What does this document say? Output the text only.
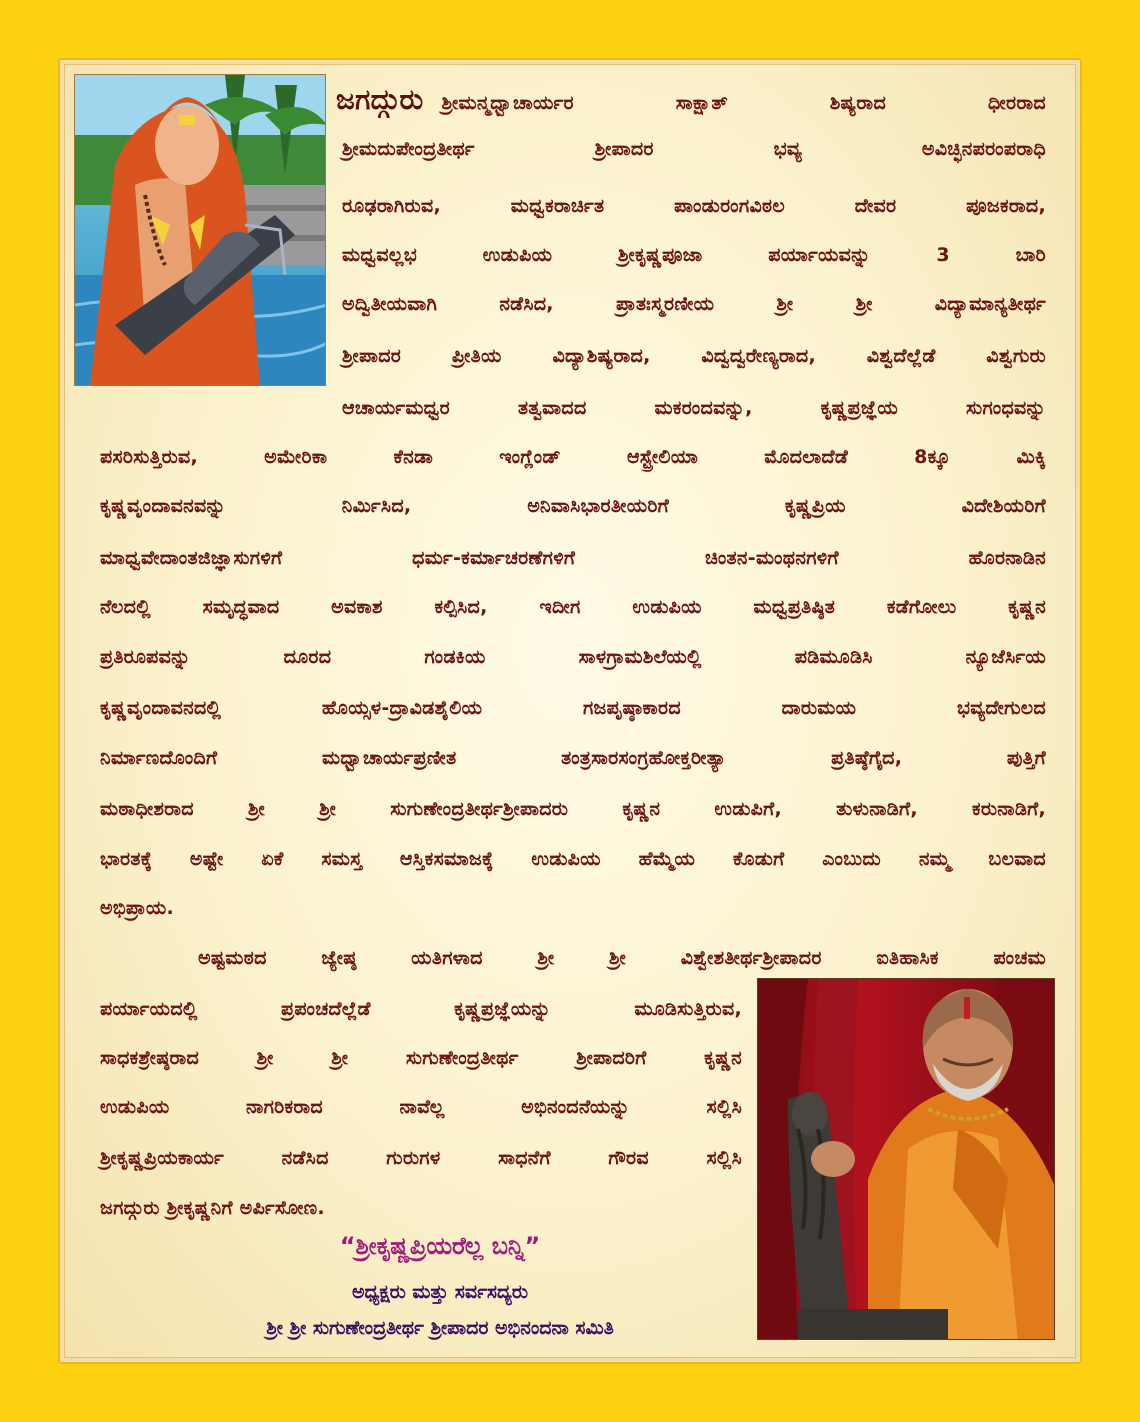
ಜಗದ್ಗುರು ಶ್ರೀಮನ್ಮಧ್ವಾಚಾರ್ಯರ ಸಾಕ್ಷಾತ್ ಶಿಷ್ಯರಾದ ಧೀರರಾದ
ಶ್ರೀಮದುಪೇಂದ್ರತೀರ್ಥ ಶ್ರೀಪಾದರ ಭವ್ಯ ಅವಿಚ್ಛಿನಪರಂಪರಾಧಿ
ರೂಢರಾಗಿರುವ, ಮಧ್ವಕರಾರ್ಚಿತ ಪಾಂಡುರಂಗವಿಠಲ ದೇವರ ಪೂಜಕರಾದ,
ಮಧ್ವವಲ್ಲಭ ಉಡುಪಿಯ ಶ್ರೀಕೃಷ್ಣಪೂಜಾ ಪರ್ಯಾಯವನ್ನು 3 ಬಾರಿ
ಅದ್ವಿತೀಯವಾಗಿ ನಡೆಸಿದ, ಪ್ರಾತಃಸ್ಮರಣೀಯ ಶ್ರೀ ಶ್ರೀ ವಿದ್ಯಾಮಾನ್ಯತೀರ್ಥ
ಶ್ರೀಪಾದರ ಪ್ರೀತಿಯ ವಿದ್ಯಾಶಿಷ್ಯರಾದ, ವಿದ್ವದ್ವರೇಣ್ಯರಾದ, ವಿಶ್ವದೆಲ್ಲೆಡೆ ವಿಶ್ವಗುರು
ಆಚಾರ್ಯಮಧ್ವರ ತತ್ವವಾದದ ಮಕರಂದವನ್ನು, ಕೃಷ್ಣಪ್ರಜ್ಞೆಯ ಸುಗಂಧವನ್ನು
ಪಸರಿಸುತ್ತಿರುವ, ಅಮೇರಿಕಾ ಕೆನಡಾ ಇಂಗ್ಲೆಂಡ್ ಆಸ್ಟ್ರೇಲಿಯಾ ಮೊದಲಾದೆಡೆ 8ಕ್ಕೂ ಮಿಕ್ಕಿ
ಕೃಷ್ಣವೃಂದಾವನವನ್ನು ನಿರ್ಮಿಸಿದ, ಅನಿವಾಸಿಭಾರತೀಯರಿಗೆ ಕೃಷ್ಣಪ್ರಿಯ ವಿದೇಶಿಯರಿಗೆ
ಮಾಧ್ವವೇದಾಂತಜಿಜ್ಞಾಸುಗಳಿಗೆ ಧರ್ಮ-ಕರ್ಮಾಚರಣೆಗಳಿಗೆ ಚಿಂತನ-ಮಂಥನಗಳಿಗೆ ಹೊರನಾಡಿನ
ನೆಲದಲ್ಲಿ ಸಮೃದ್ಧವಾದ ಅವಕಾಶ ಕಲ್ಪಿಸಿದ, ಇದೀಗ ಉಡುಪಿಯ ಮಧ್ವಪ್ರತಿಷ್ಠಿತ ಕಡೆಗೋಲು ಕೃಷ್ಣನ
ಪ್ರತಿರೂಪವನ್ನು ದೂರದ ಗಂಡಕಿಯ ಸಾಳಗ್ರಾಮಶಿಲೆಯಲ್ಲಿ ಪಡಿಮೂಡಿಸಿ ನ್ಯೂಜೆರ್ಸಿಯ
ಕೃಷ್ಣವೃಂದಾವನದಲ್ಲಿ ಹೊಯ್ಸಳ-ದ್ರಾವಿಡಶೈಲಿಯ ಗಜಪೃಷ್ಠಾಕಾರದ ದಾರುಮಯ ಭವ್ಯದೇಗುಲದ
ನಿರ್ಮಾಣದೊಂದಿಗೆ ಮಧ್ವಾಚಾರ್ಯಪ್ರಣೀತ ತಂತ್ರಸಾರಸಂಗ್ರಹೋಕ್ತರೀತ್ಯಾ ಪ್ರತಿಷ್ಠೆಗೈದ, ಪುತ್ತಿಗೆ
ಮಠಾಧೀಶರಾದ ಶ್ರೀ ಶ್ರೀ ಸುಗುಣೇಂದ್ರತೀರ್ಥಶ್ರೀಪಾದರು ಕೃಷ್ಣನ ಉಡುಪಿಗೆ, ತುಳುನಾಡಿಗೆ, ಕರುನಾಡಿಗೆ,
ಭಾರತಕ್ಕೆ ಅಷ್ಟೇ ಏಕೆ ಸಮಸ್ತ ಆಸ್ತಿಕಸಮಾಜಕ್ಕೆ ಉಡುಪಿಯ ಹೆಮ್ಮೆಯ ಕೊಡುಗೆ ಎಂಬುದು ನಮ್ಮ ಬಲವಾದ
ಅಭಿಪ್ರಾಯ.
ಅಷ್ಟಮಠದ ಜ್ಯೇಷ್ಠ ಯತಿಗಳಾದ ಶ್ರೀ ಶ್ರೀ ವಿಶ್ವೇಶತೀರ್ಥಶ್ರೀಪಾದರ ಐತಿಹಾಸಿಕ ಪಂಚಮ
ಪರ್ಯಾಯದಲ್ಲಿ ಪ್ರಪಂಚದೆಲ್ಲೆಡೆ ಕೃಷ್ಣಪ್ರಜ್ಞೆಯನ್ನು ಮೂಡಿಸುತ್ತಿರುವ,
ಸಾಧಕಶ್ರೇಷ್ಠರಾದ ಶ್ರೀ ಶ್ರೀ ಸುಗುಣೇಂದ್ರತೀರ್ಥ ಶ್ರೀಪಾದರಿಗೆ ಕೃಷ್ಣನ
ಉಡುಪಿಯ ನಾಗರಿಕರಾದ ನಾವೆಲ್ಲ ಅಭಿನಂದನೆಯನ್ನು ಸಲ್ಲಿಸಿ
ಶ್ರೀಕೃಷ್ಣಪ್ರಿಯಕಾರ್ಯ ನಡೆಸಿದ ಗುರುಗಳ ಸಾಧನೆಗೆ ಗೌರವ ಸಲ್ಲಿಸಿ
ಜಗದ್ಗುರು ಶ್ರೀಕೃಷ್ಣನಿಗೆ ಅರ್ಪಿಸೋಣ.
“ಶ್ರೀಕೃಷ್ಣಪ್ರಿಯರೆಲ್ಲ ಬನ್ನಿ”
ಅಧ್ಯಕ್ಷರು ಮತ್ತು ಸರ್ವಸದ್ಯರು
ಶ್ರೀ ಶ್ರೀ ಸುಗುಣೇಂದ್ರತೀರ್ಥ ಶ್ರೀಪಾದರ ಅಭಿನಂದನಾ ಸಮಿತಿ
